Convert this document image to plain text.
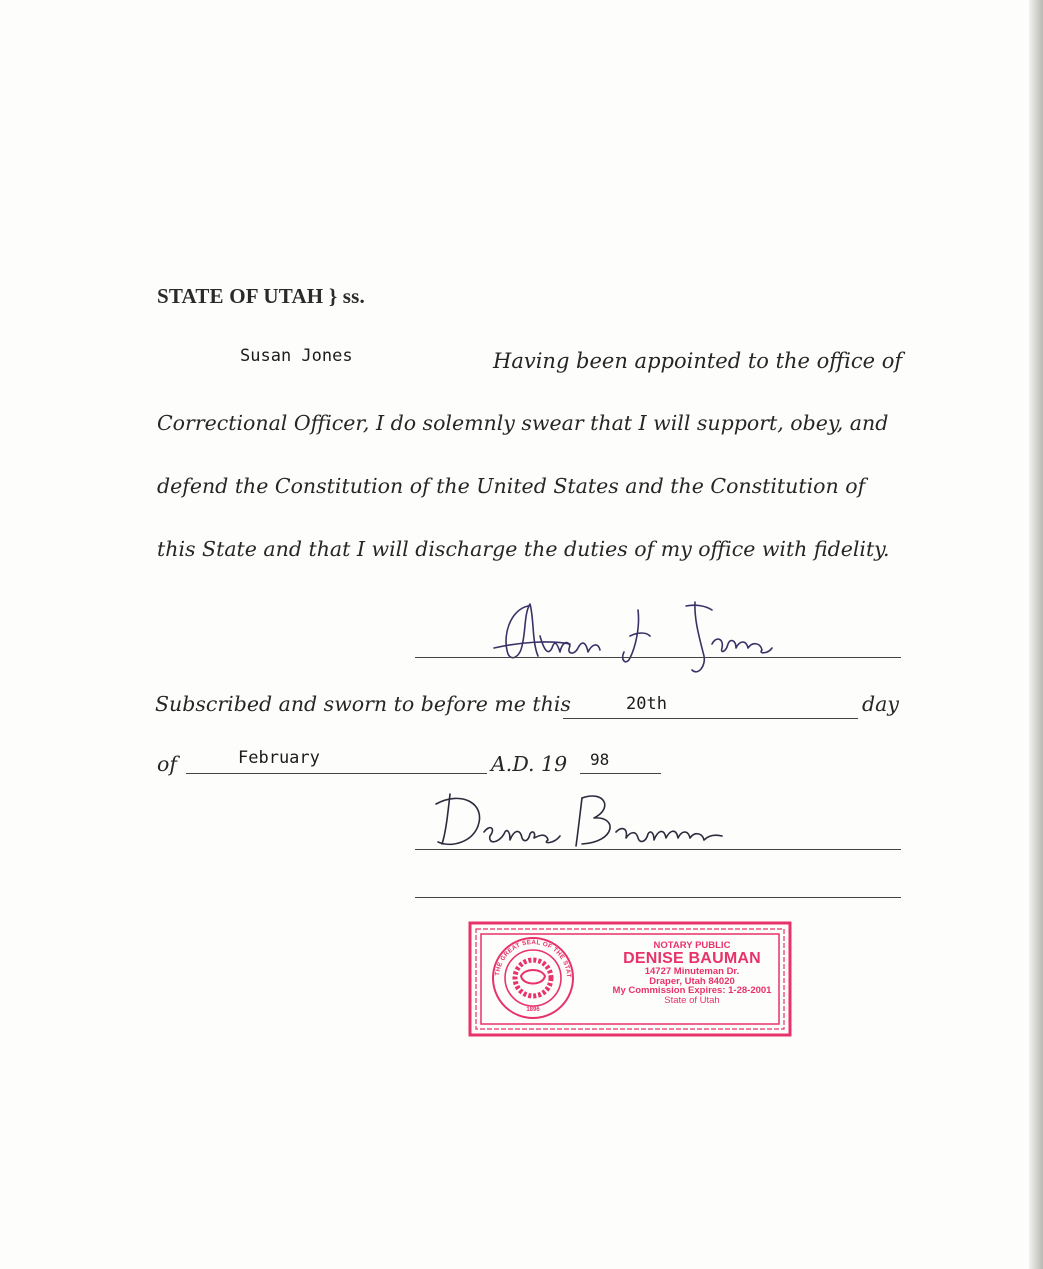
STATE OF UTAH } ss.
Susan Jones	Having been appointed to the office of
Correctional Officer, I do solemnly swear that I will support, obey, and
defend the Constitution of the United States and the Constitution of
this State and that I will discharge the duties of my office with fidelity.
Subscribed and sworn to before me this	20th	day
of	February	A.D. 19 98
THE GREAT SEAL OF THE STAT
1896
NOTARY PUBLIC
DENISE BAUMAN
14727 Minuteman Dr.
Draper, Utah 84020
My Commission Expires: 1-28-2001
State of Utah
